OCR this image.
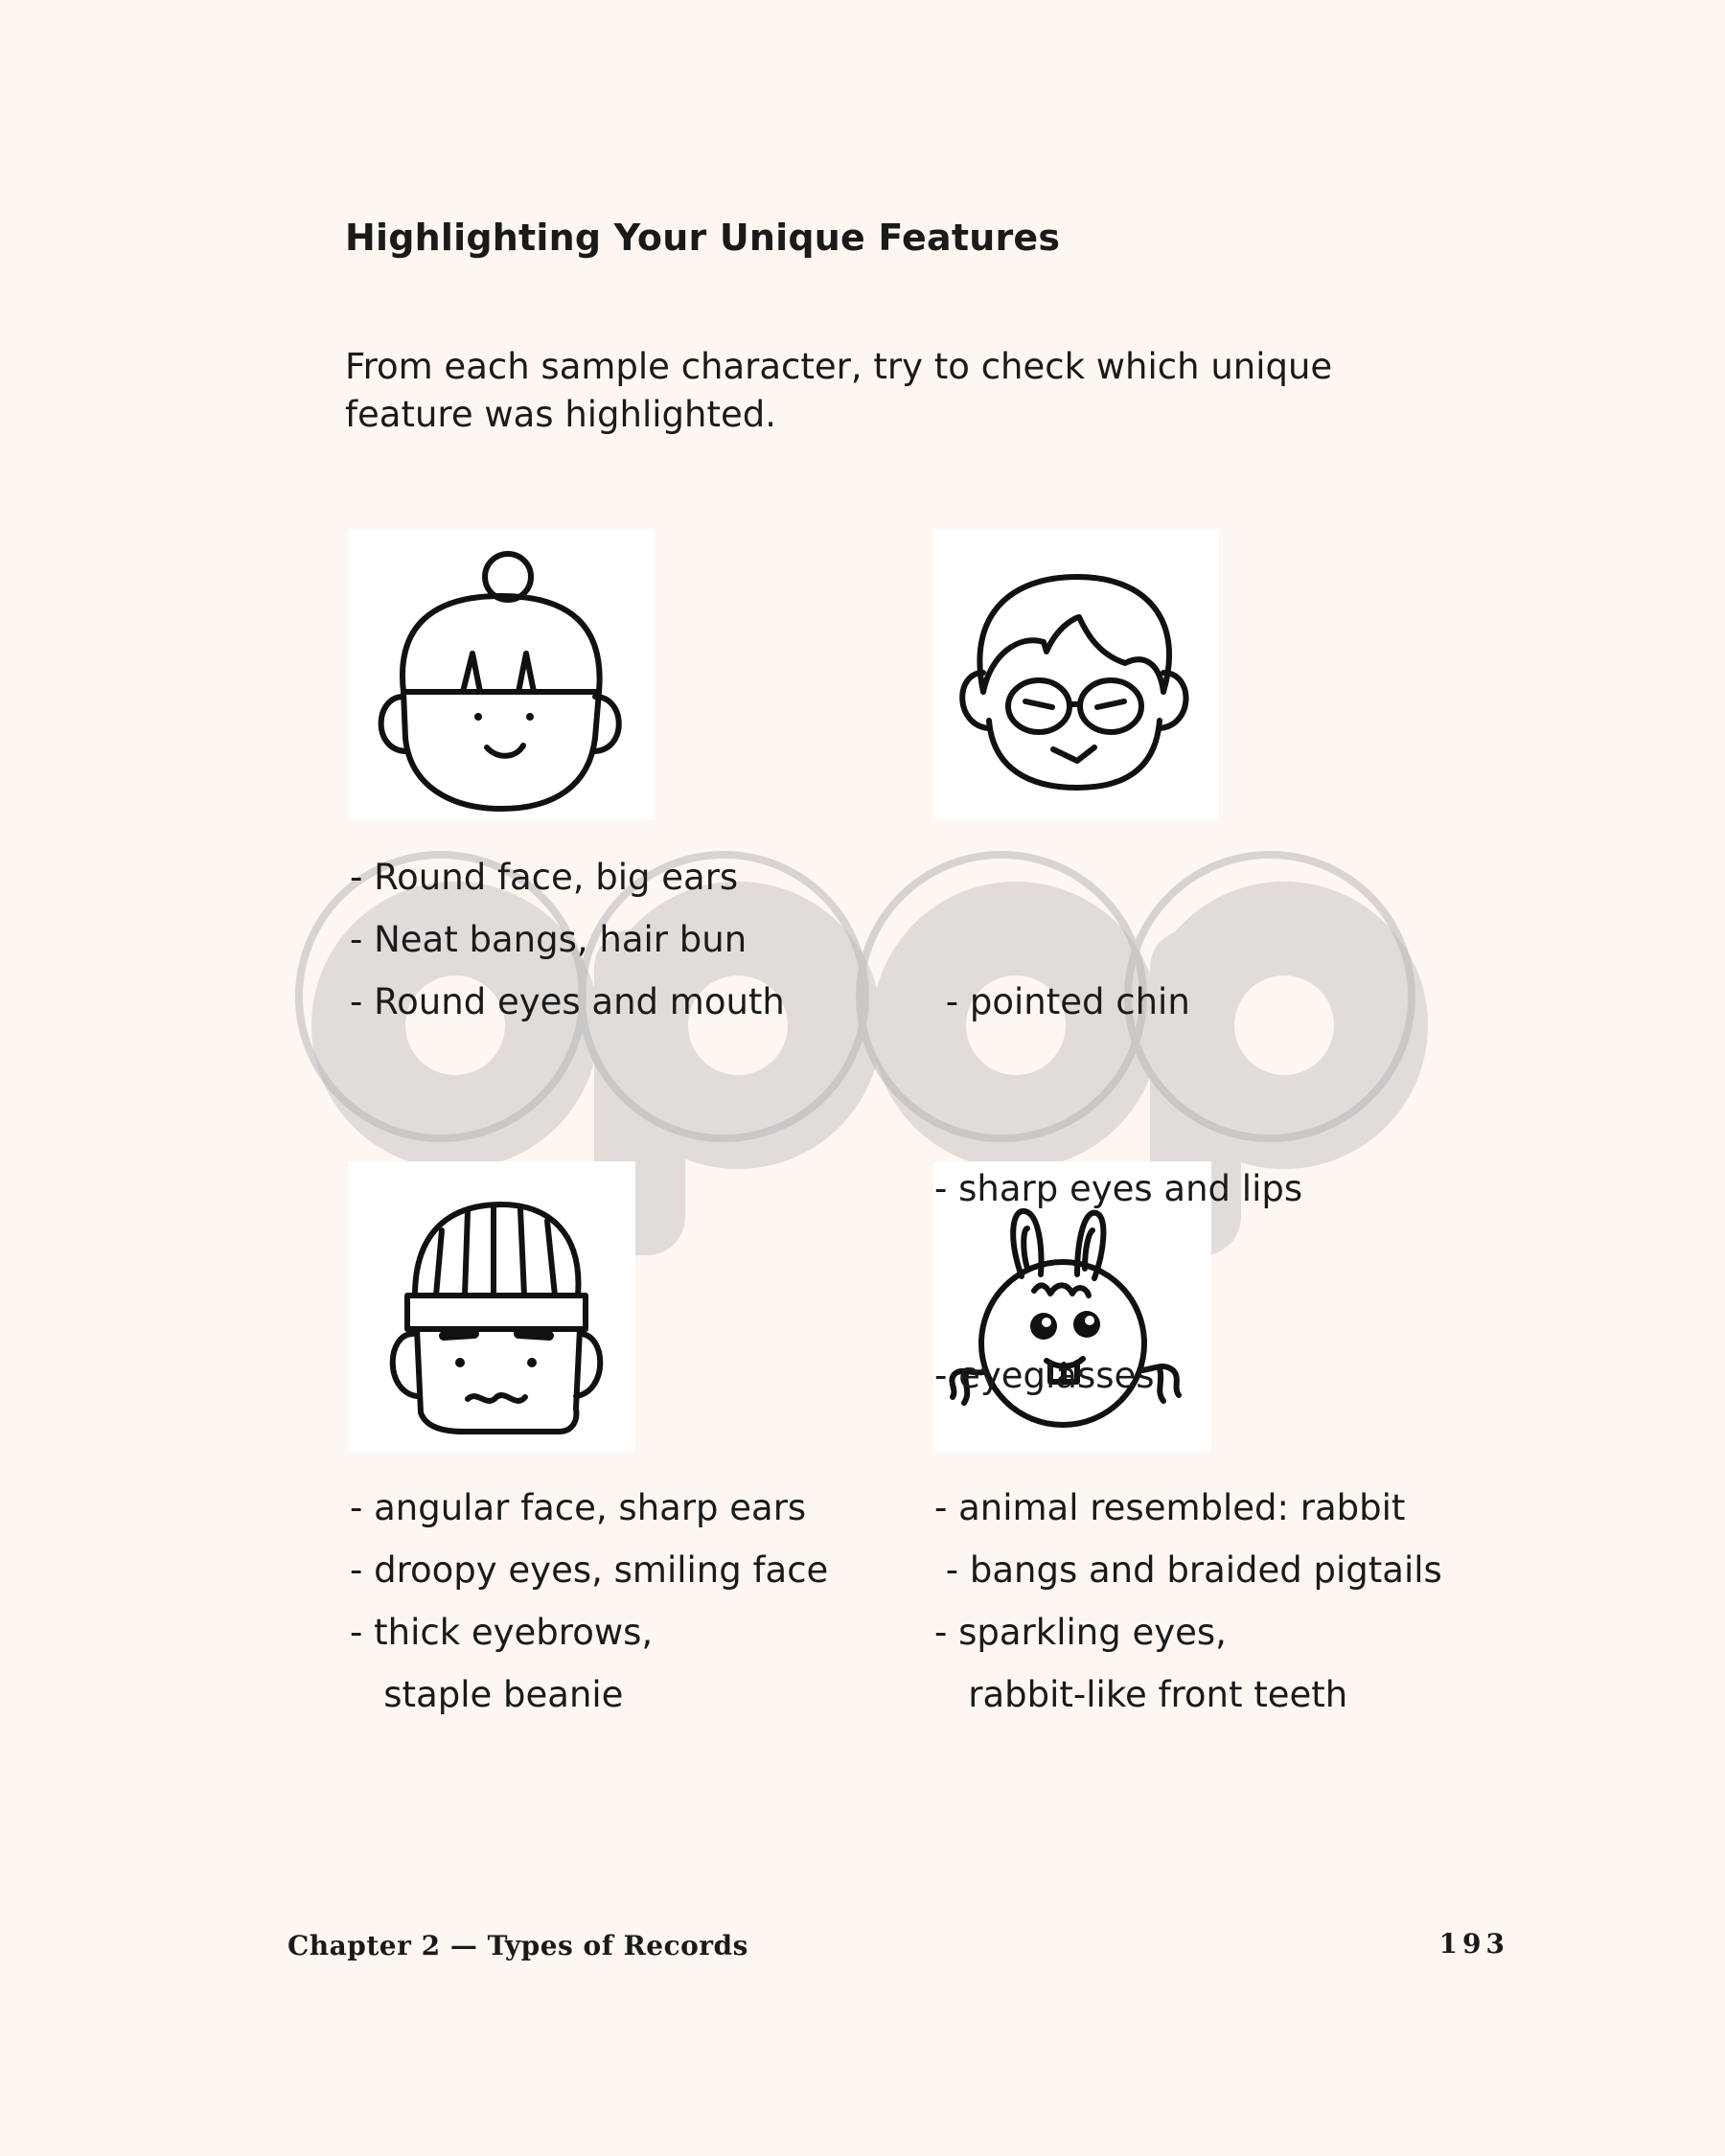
Highlighting Your Unique Features
From each sample character, try to check which unique feature was highlighted.
- Round face, big ears
- Neat bangs, hair bun
- Round eyes and mouth

	- pointed chin

- sharp eyes and lips

- eyeglasses

- angular face, sharp ears
- droopy eyes, smiling face
- thick eyebrows,
staple beanie
- animal resembled: rabbit
- bangs and braided pigtails
- sparkling eyes,
rabbit-like front teeth
Chapter 2 — Types of Records	193
